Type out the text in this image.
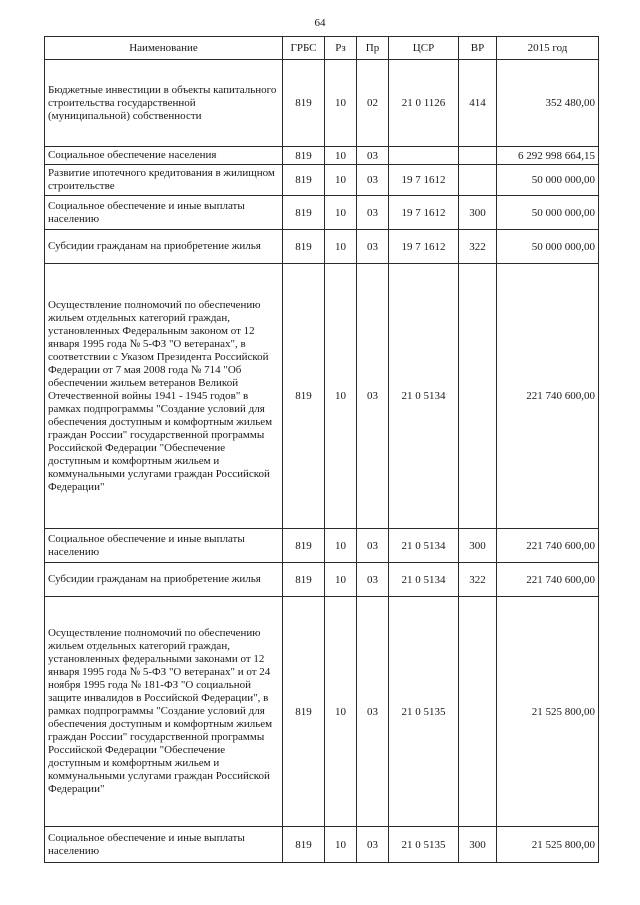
64
Наименование	ГРБС	Рз	Пр	ЦСР	ВР	2015 год
Бюджетные инвестиции в объекты капитального строительства государственной (муниципальной) собственности	819	10	02	21 0 1126	414	352 480,00
Социальное обеспечение населения	819	10	03			6 292 998 664,15
Развитие ипотечного кредитования в жилищном строительстве	819	10	03	19 7 1612		50 000 000,00
Социальное обеспечение и иные выплаты населению	819	10	03	19 7 1612	300	50 000 000,00
Субсидии гражданам на приобретение жилья	819	10	03	19 7 1612	322	50 000 000,00
Осуществление полномочий по обеспечению жильем отдельных категорий граждан, установленных Федеральным законом от 12 января 1995 года № 5-ФЗ "О ветеранах", в соответствии с Указом Президента Российской Федерации от 7 мая 2008 года № 714 "Об обеспечении жильем ветеранов Великой Отечественной войны 1941 - 1945 годов" в рамках подпрограммы "Создание условий для обеспечения доступным и комфортным жильем граждан России" государственной программы Российской Федерации "Обеспечение доступным и комфортным жильем и коммунальными услугами граждан Российской Федерации"	819	10	03	21 0 5134		221 740 600,00
Социальное обеспечение и иные выплаты населению	819	10	03	21 0 5134	300	221 740 600,00
Субсидии гражданам на приобретение жилья	819	10	03	21 0 5134	322	221 740 600,00
Осуществление полномочий по обеспечению жильем отдельных категорий граждан, установленных федеральными законами от 12 января 1995 года № 5-ФЗ "О ветеранах" и от 24 ноября 1995 года № 181-ФЗ "О социальной защите инвалидов в Российской Федерации", в рамках подпрограммы "Создание условий для обеспечения доступным и комфортным жильем граждан России" государственной программы Российской Федерации "Обеспечение доступным и комфортным жильем и коммунальными услугами граждан Российской Федерации"	819	10	03	21 0 5135		21 525 800,00
Социальное обеспечение и иные выплаты населению	819	10	03	21 0 5135	300	21 525 800,00
